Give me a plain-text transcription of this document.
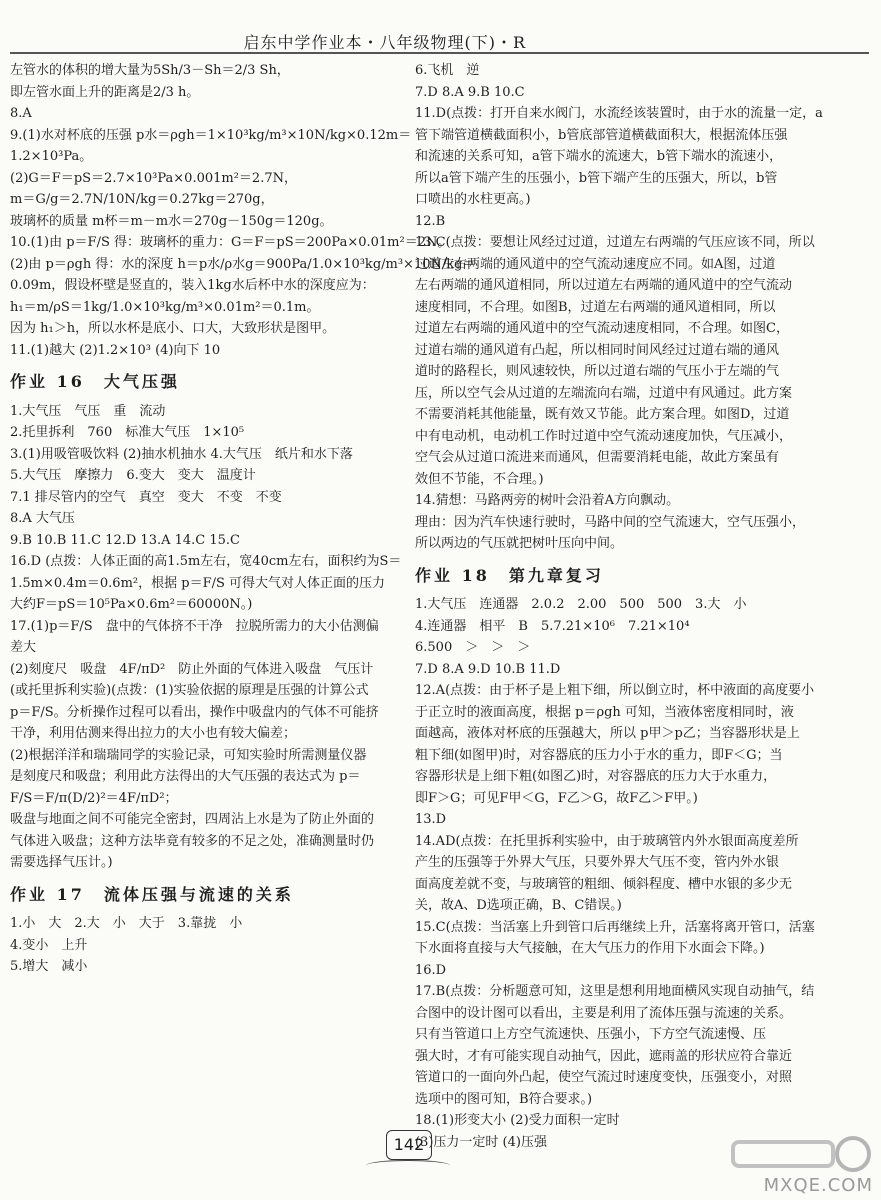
启东中学作业本・八年级物理(下)・R
左管水的体积的增大量为5Sh/3－Sh＝2/3 Sh，
即左管水面上升的距离是2/3 h。
8.A
9.(1)水对杯底的压强 p水＝ρgh＝1×10³kg/m³×10N/kg×0.12m＝
1.2×10³Pa。
(2)G＝F＝pS＝2.7×10³Pa×0.001m²＝2.7N，
m＝G/g＝2.7N/10N/kg＝0.27kg＝270g，
玻璃杯的质量 m杯＝m－m水＝270g－150g＝120g。
10.(1)由 p＝F/S 得：玻璃杯的重力：G＝F＝pS＝200Pa×0.01m²＝2N。
(2)由 p＝ρgh 得：水的深度 h＝p水/ρ水g＝900Pa/1.0×10³kg/m³×10N/kg＝
0.09m，假设杯壁是竖直的，装入1kg水后杯中水的深度应为：
h₁＝m/ρS＝1kg/1.0×10³kg/m³×0.01m²＝0.1m。
因为 h₁＞h，所以水杯是底小、口大，大致形状是图甲。
11.(1)越大 (2)1.2×10³ (4)向下 10
作业 16　大气压强
1.大气压　气压　重　流动
2.托里拆利　760　标准大气压　1×10⁵
3.(1)用吸管吸饮料 (2)抽水机抽水 4.大气压　纸片和水下落
5.大气压　摩擦力　6.变大　变大　温度计
7.1 排尽管内的空气　真空　变大　不变　不变
8.A 大气压
9.B 10.B 11.C 12.D 13.A 14.C 15.C
16.D (点拨：人体正面的高1.5m左右，宽40cm左右，面积约为S＝
1.5m×0.4m＝0.6m²，根据 p＝F/S 可得大气对人体正面的压力
大约F＝pS＝10⁵Pa×0.6m²＝60000N。)
17.(1)p＝F/S　盘中的气体挤不干净　拉脱所需力的大小估测偏
差大
(2)刻度尺　吸盘　4F/πD²　防止外面的气体进入吸盘　气压计
(或托里拆利实验)(点拨：(1)实验依据的原理是压强的计算公式
p＝F/S。分析操作过程可以看出，操作中吸盘内的气体不可能挤
干净，利用估测来得出拉力的大小也有较大偏差；
(2)根据洋洋和瑞瑞同学的实验记录，可知实验时所需测量仪器
是刻度尺和吸盘；利用此方法得出的大气压强的表达式为 p＝
F/S＝F/π(D/2)²＝4F/πD²；
吸盘与地面之间不可能完全密封，四周沾上水是为了防止外面的
气体进入吸盘；这种方法毕竟有较多的不足之处，准确测量时仍
需要选择气压计。)
作业 17　流体压强与流速的关系
1.小　大　2.大　小　大于　3.靠拢　小
4.变小　上升
5.增大　减小
6.飞机　逆
7.D 8.A 9.B 10.C
11.D(点拨：打开自来水阀门，水流经该装置时，由于水的流量一定，a
管下端管道横截面积小，b管底部管道横截面积大，根据流体压强
和流速的关系可知，a管下端水的流速大，b管下端水的流速小，
所以a管下端产生的压强小，b管下端产生的压强大，所以，b管
口喷出的水柱更高。)
12.B
13.C(点拨：要想让风经过过道，过道左右两端的气压应该不同，所以
过道左右两端的通风道中的空气流动速度应不同。如A图，过道
左右两端的通风道相同，所以过道左右两端的通风道中的空气流动
速度相同，不合理。如图B，过道左右两端的通风道相同，所以
过道左右两端的通风道中的空气流动速度相同，不合理。如图C，
过道右端的通风道有凸起，所以相同时间风经过过道右端的通风
道时的路程长，则风速较快，所以过道右端的气压小于左端的气
压，所以空气会从过道的左端流向右端，过道中有风通过。此方案
不需要消耗其他能量，既有效又节能。此方案合理。如图D，过道
中有电动机，电动机工作时过道中空气流动速度加快，气压减小，
空气会从过道口流进来而通风，但需要消耗电能，故此方案虽有
效但不节能，不合理。)
14.猜想：马路两旁的树叶会沿着A方向飘动。
理由：因为汽车快速行驶时，马路中间的空气流速大，空气压强小，
所以两边的气压就把树叶压向中间。
作业 18　第九章复习
1.大气压　连通器　2.0.2　2.00　500　500　3.大　小
4.连通器　相平　B　5.7.21×10⁶　7.21×10⁴
6.500　＞　＞　＞
7.D 8.A 9.D 10.B 11.D
12.A(点拨：由于杯子是上粗下细，所以倒立时，杯中液面的高度要小
于正立时的液面高度，根据 p＝ρgh 可知，当液体密度相同时，液
面越高，液体对杯底的压强越大，所以 p甲＞p乙；当容器形状是上
粗下细(如图甲)时，对容器底的压力小于水的重力，即F＜G；当
容器形状是上细下粗(如图乙)时，对容器底的压力大于水重力，
即F＞G；可见F甲＜G，F乙＞G，故F乙＞F甲。)
13.D
14.AD(点拨：在托里拆利实验中，由于玻璃管内外水银面高度差所
产生的压强等于外界大气压，只要外界大气压不变，管内外水银
面高度差就不变，与玻璃管的粗细、倾斜程度、槽中水银的多少无
关，故A、D选项正确，B、C错误。)
15.C(点拨：当活塞上升到管口后再继续上升，活塞将离开管口，活塞
下水面将直接与大气接触，在大气压力的作用下水面会下降。)
16.D
17.B(点拨：分析题意可知，这里是想利用地面横风实现自动抽气，结
合图中的设计图可以看出，主要是利用了流体压强与流速的关系。
只有当管道口上方空气流速快、压强小，下方空气流速慢、压
强大时，才有可能实现自动抽气，因此，遮雨盖的形状应符合靠近
管道口的一面向外凸起，使空气流过时速度变快，压强变小，对照
选项中的图可知，B符合要求。)
18.(1)形变大小 (2)受力面积一定时
(3)压力一定时 (4)压强
142
MXQE.COM
